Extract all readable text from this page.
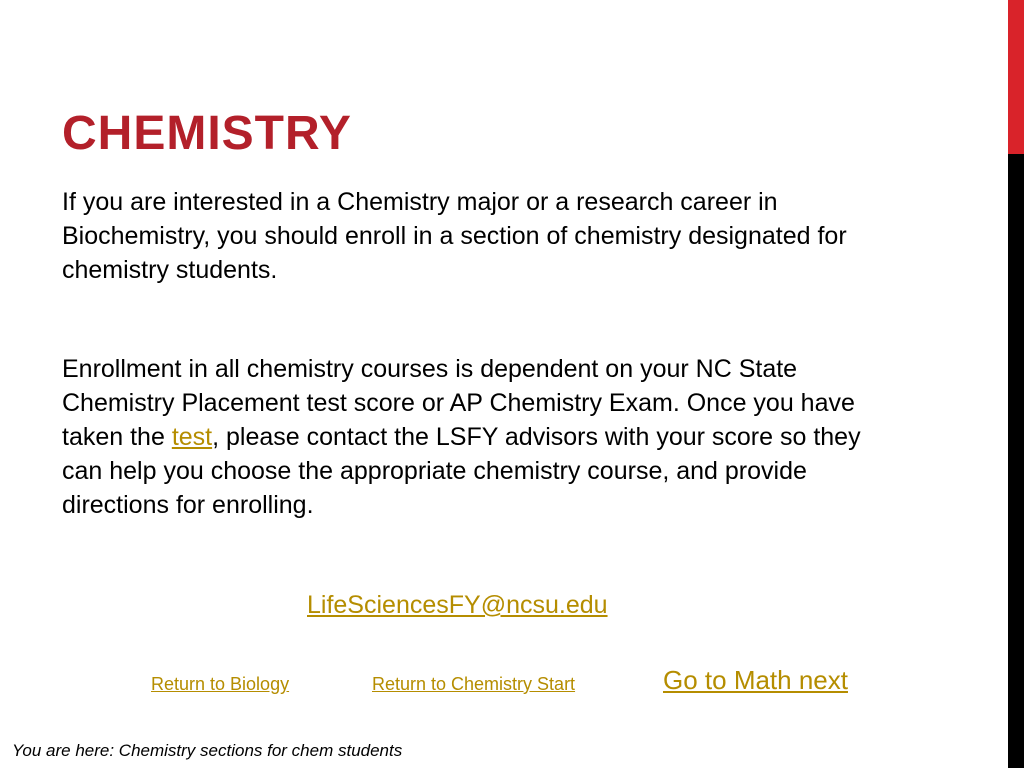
CHEMISTRY

If you are interested in a Chemistry major or a research career in Biochemistry, you should enroll in a section of chemistry designated for chemistry students.

Enrollment in all chemistry courses is dependent on your NC State Chemistry Placement test score or AP Chemistry Exam. Once you have taken the test, please contact the LSFY advisors with your score so they can help you choose the appropriate chemistry course, and provide directions for enrolling.

LifeSciencesFY@ncsu.edu
Return to Biology	Return to Chemistry Start	Go to Math next

You are here: Chemistry sections for chem students
